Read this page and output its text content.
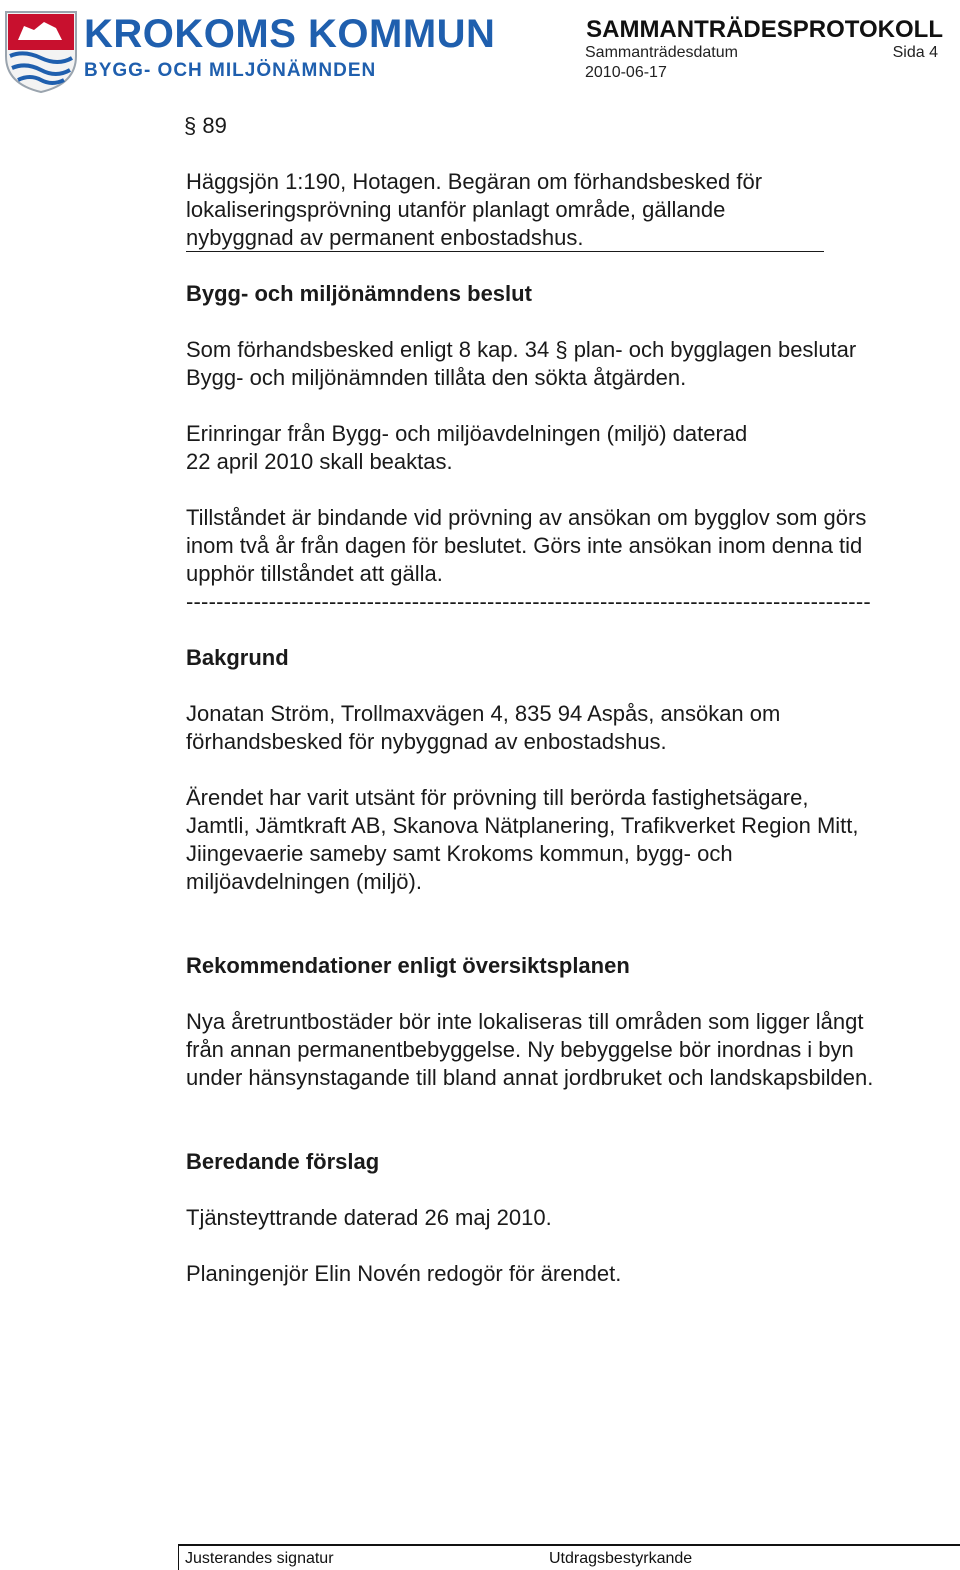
KROKOMS KOMMUN
BYGG- OCH MILJÖNÄMNDEN
SAMMANTRÄDESPROTOKOLL
Sammanträdesdatum	Sida 4
2010-06-17
§ 89

Häggsjön 1:190, Hotagen. Begäran om förhandsbesked för

lokaliseringsprövning utanför planlagt område, gällande

nybyggnad av permanent enbostadshus.

Bygg- och miljönämndens beslut

Som förhandsbesked enligt 8 kap. 34 § plan- och bygglagen beslutar

Bygg- och miljönämnden tillåta den sökta åtgärden.

Erinringar från Bygg- och miljöavdelningen (miljö) daterad

22 april 2010 skall beaktas.

Tillståndet är bindande vid prövning av ansökan om bygglov som görs

inom två år från dagen för beslutet. Görs inte ansökan inom denna tid

upphör tillståndet att gälla.

-------------------------------------------------------------------------------------------

Bakgrund

Jonatan Ström, Trollmaxvägen 4, 835 94 Aspås, ansökan om

förhandsbesked för nybyggnad av enbostadshus.

Ärendet har varit utsänt för prövning till berörda fastighetsägare,

Jamtli, Jämtkraft AB, Skanova Nätplanering, Trafikverket Region Mitt,

Jiingevaerie sameby samt Krokoms kommun, bygg- och

miljöavdelningen (miljö).

Rekommendationer enligt översiktsplanen

Nya åretruntbostäder bör inte lokaliseras till områden som ligger långt

från annan permanentbebyggelse. Ny bebyggelse bör inordnas i byn

under hänsynstagande till bland annat jordbruket och landskapsbilden.

Beredande förslag

Tjänsteyttrande daterad 26 maj 2010.

Planingenjör Elin Novén redogör för ärendet.

Justerandes signatur	Utdragsbestyrkande
